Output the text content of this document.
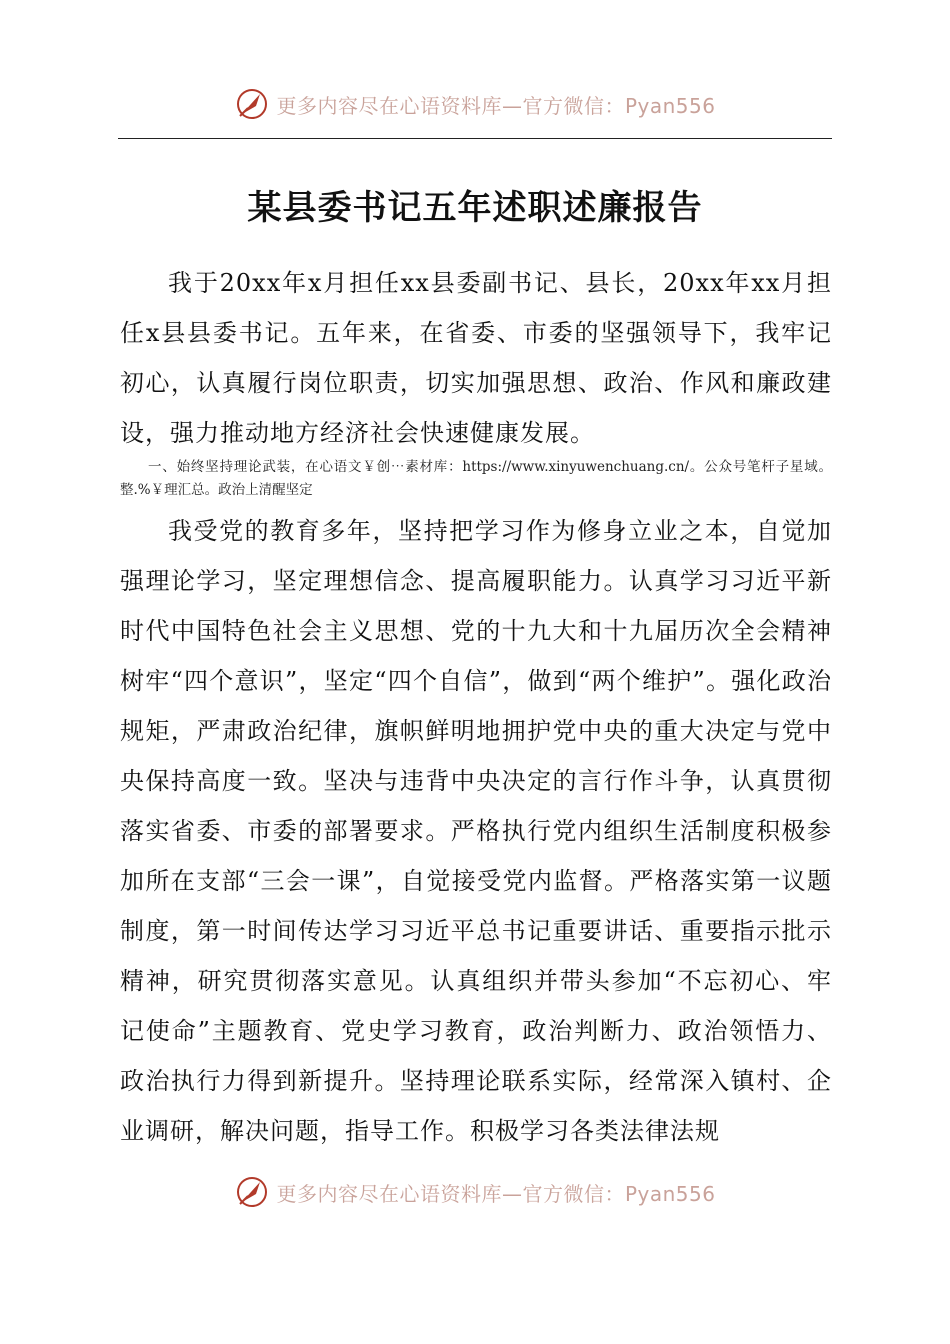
更多内容尽在心语资料库—官方微信：Pyan556
某县委书记五年述职述廉报告

我于20xx年x月担任xx县委副书记、县长，20xx年xx月担任x县县委书记。五年来，在省委、市委的坚强领导下，我牢记初心，认真履行岗位职责，切实加强思想、政治、作风和廉政建设，强力推动地方经济社会快速健康发展。

一、始终坚持理论武装，在心‌语文￥创⋯素材库：https://www.xinyuwenchuang.cn/。公众号笔杆子星域。整.%￥理汇总。政治上清醒坚定

我受党的教育多年，坚持把学习作为修身立业之本，自觉加强理论学习，坚定理想信念、提高履职能力。认真学习习近平新时代中国特色社会主义思想、党的十九大和十九届历次全会精神树牢“四个意识”，坚定“四个自信”，做到“两个维护”。强化政治规矩，严肃政治纪律，旗帜鲜明地拥护党中央的重大决定与党中央保持高度一致。坚决与违背中央决定的言行作斗争，认真贯彻落实省委、市委的部署要求。严格执行党内组织生活制度积极参加所在支部“三会一课”，自觉接受党内监督。严格落实第一议题制度，第一时间传达学习习近平总书记重要讲话、重要指示批示精神，研究贯彻落实意见。认真组织并带头参加“不忘初心、牢记使命”主题教育、党史学习教育，政治判断力、政治领悟力、政治执行力得到新提升。坚持理论联系实际，经常深入镇村、企业调研，解决问题，指导工作。积极学习各类法律法规

更多内容尽在心语资料库—官方微信：Pyan556
